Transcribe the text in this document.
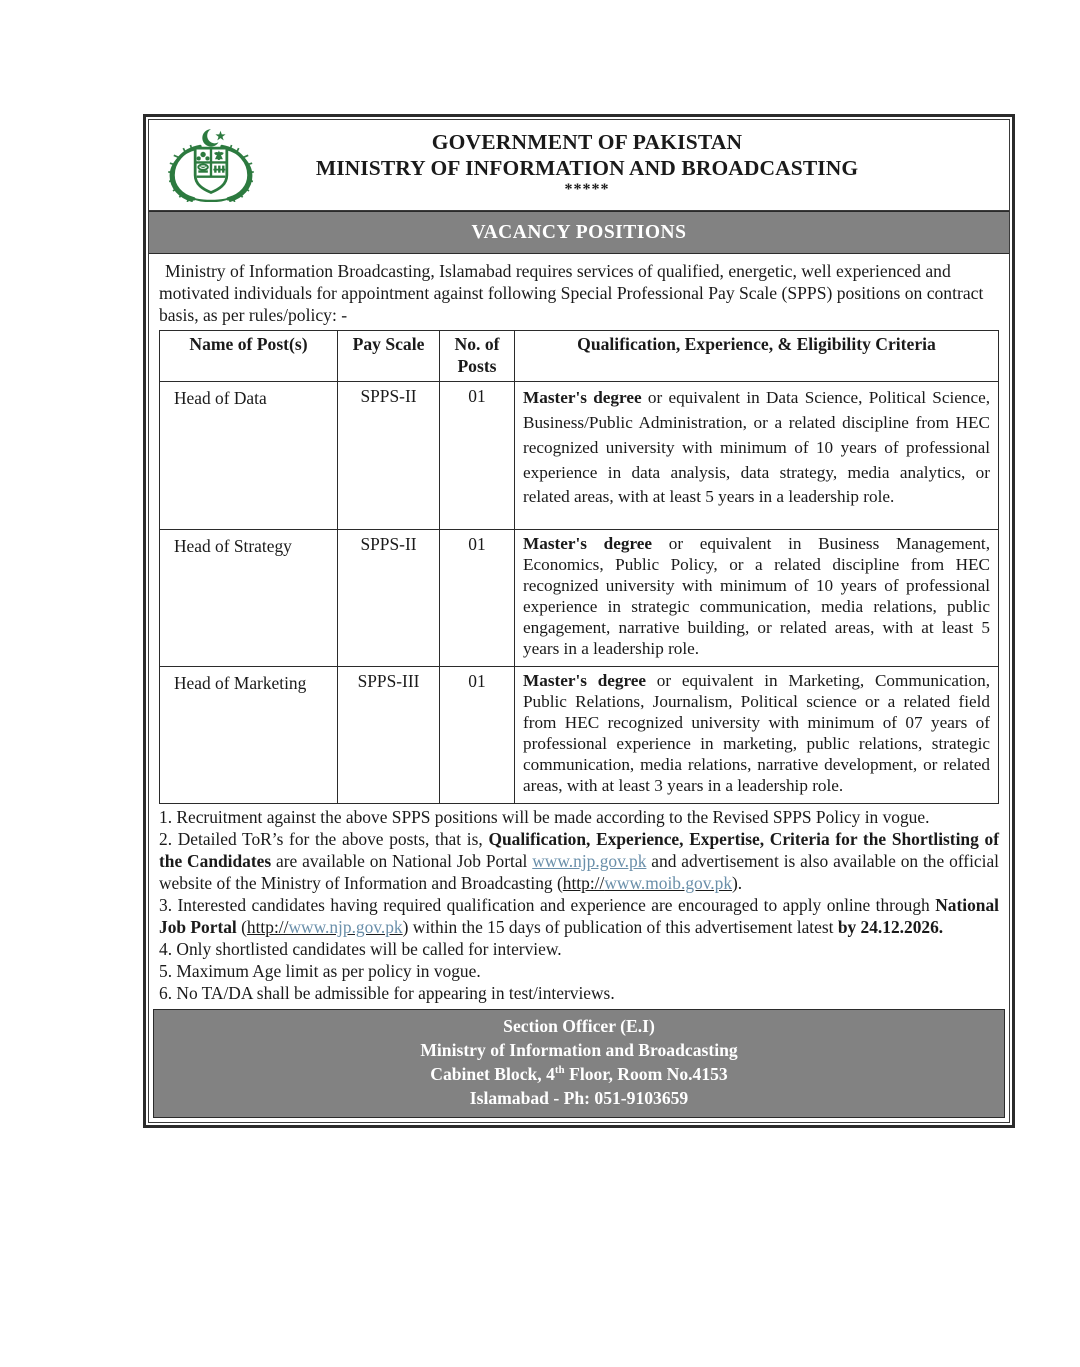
GOVERNMENT OF PAKISTAN
MINISTRY OF INFORMATION AND BROADCASTING
*****
VACANCY POSITIONS

Ministry of Information Broadcasting, Islamabad requires services of qualified, energetic, well experienced and motivated individuals for appointment against following Special Professional Pay Scale (SPPS) positions on contract basis, as per rules/policy: -

Name of Post(s)	Pay Scale	No. of Posts	Qualification, Experience, & Eligibility Criteria
Head of Data	SPPS-II	01	Master's degree or equivalent in Data Science, Political Science, Business/Public Administration, or a related discipline from HEC recognized university with minimum of 10 years of professional experience in data analysis, data strategy, media analytics, or related areas, with at least 5 years in a leadership role.
Head of Strategy	SPPS-II	01	Master's degree or equivalent in Business Management, Economics, Public Policy, or a related discipline from HEC recognized university with minimum of 10 years of professional experience in strategic communication, media relations, public engagement, narrative building, or related areas, with at least 5 years in a leadership role.
Head of Marketing	SPPS-III	01	Master's degree or equivalent in Marketing, Communication, Public Relations, Journalism, Political science or a related field from HEC recognized university with minimum of 07 years of professional experience in marketing, public relations, strategic communication, media relations, narrative development, or related areas, with at least 3 years in a leadership role.

1. Recruitment against the above SPPS positions will be made according to the Revised SPPS Policy in vogue.

2. Detailed ToR’s for the above posts, that is, Qualification, Experience, Expertise, Criteria for the Shortlisting of the Candidates are available on National Job Portal www.njp.gov.pk and advertisement is also available on the official website of the Ministry of Information and Broadcasting (http://www.moib.gov.pk).

3. Interested candidates having required qualification and experience are encouraged to apply online through National Job Portal (http://www.njp.gov.pk) within the 15 days of publication of this advertisement latest by 24.12.2026.

4. Only shortlisted candidates will be called for interview.

5. Maximum Age limit as per policy in vogue.

6. No TA/DA shall be admissible for appearing in test/interviews.

Section Officer (E.I)
Ministry of Information and Broadcasting
Cabinet Block, 4th Floor, Room No.4153
Islamabad - Ph: 051-9103659
